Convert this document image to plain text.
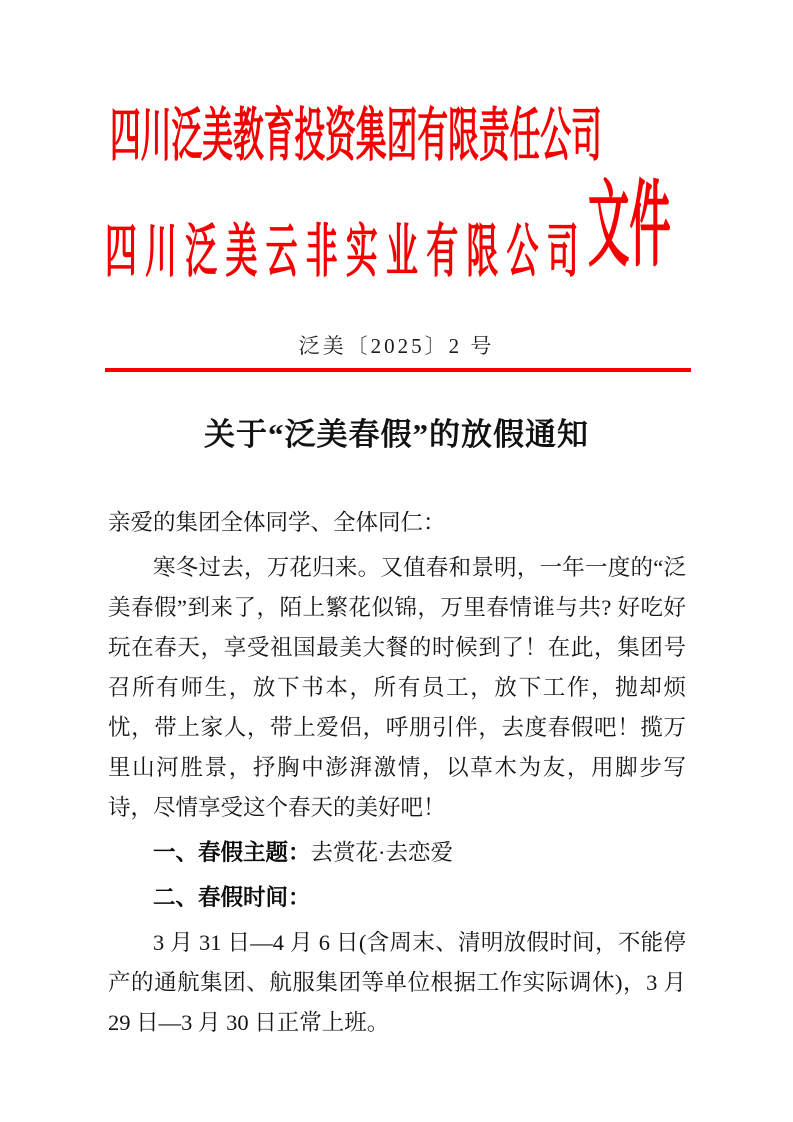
四川泛美教育投资集团有限责任公司
四川泛美云非实业有限公司 文件
泛美〔2025〕2 号
关于“泛美春假”的放假通知

亲爱的集团全体同学、全体同仁：

寒冬过去，万花归来。又值春和景明，一年一度的“泛美春假”到来了，陌上繁花似锦，万里春情谁与共? 好吃好玩在春天，享受祖国最美大餐的时候到了！在此，集团号召所有师生，放下书本，所有员工，放下工作，抛却烦忧，带上家人，带上爱侣，呼朋引伴，去度春假吧！揽万里山河胜景，抒胸中澎湃激情，以草木为友，用脚步写诗，尽情享受这个春天的美好吧！

一、春假主题：去赏花·去恋爱

二、春假时间：

3 月 31 日—4 月 6 日(含周末、清明放假时间，不能停产的通航集团、航服集团等单位根据工作实际调休)，3 月 29 日—3 月 30 日正常上班。
